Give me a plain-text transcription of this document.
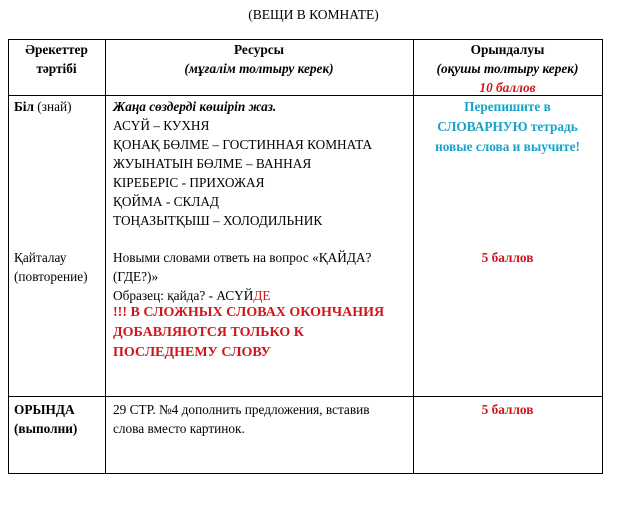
(ВЕЩИ В КОМНАТЕ)
Әрекеттер
тәртібі
Ресурсы
(мұғалім толтыру керек)
Орындалуы
(оқушы толтыру керек)
10 баллов
Біл (знай)	Жаңа сөздерді көшіріп жаз.
АСҮЙ – КУХНЯ
ҚОНАҚ БӨЛМЕ – ГОСТИННАЯ КОМНАТА
ЖУЫНАТЫН БӨЛМЕ – ВАННАЯ
КІРЕБЕРІС - ПРИХОЖАЯ
ҚОЙМА - СКЛАД
ТОҢАЗЫТҚЫШ – ХОЛОДИЛЬНИК
Перепишите в
СЛОВАРНУЮ тетрадь
новые слова и выучите!
Қайталау
(повторение)
Новыми словами ответь на вопрос «ҚАЙДА?
(ГДЕ?)»
Образец: қайда? - АСҮЙДЕ
!!! В СЛОЖНЫХ СЛОВАХ ОКОНЧАНИЯ
ДОБАВЛЯЮТСЯ ТОЛЬКО К
ПОСЛЕДНЕМУ СЛОВУ
5 баллов
ОРЫНДА
(выполни)
29 СТР. №4 дополнить предложения, вставив
слова вместо картинок.
5 баллов
